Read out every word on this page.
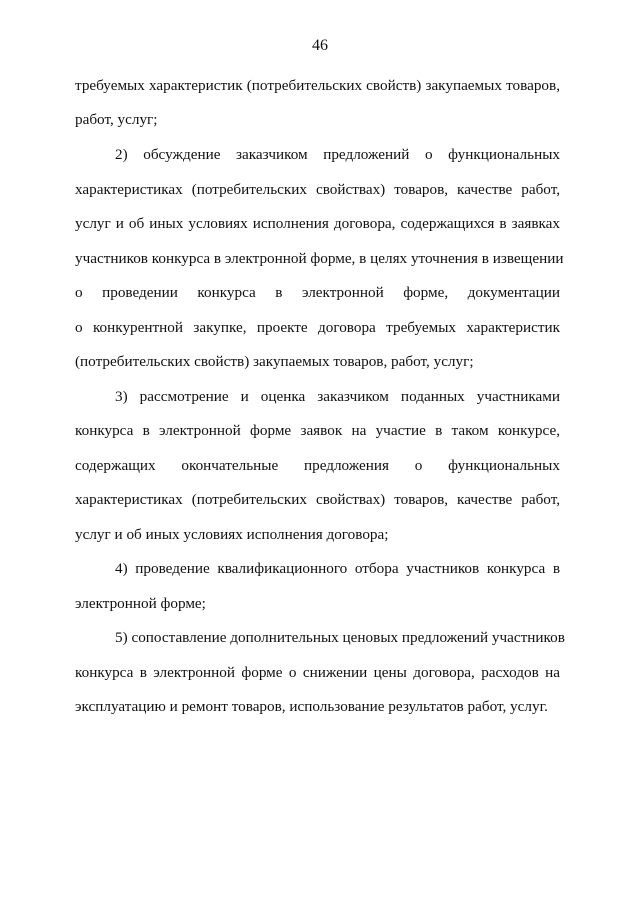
46
требуемых характеристик (потребительских свойств) закупаемых товаров,
работ, услуг;
2) обсуждение заказчиком предложений о функциональных
характеристиках (потребительских свойствах) товаров, качестве работ,
услуг и об иных условиях исполнения договора, содержащихся в заявках
участников конкурса в электронной форме, в целях уточнения в извещении
о проведении конкурса в электронной форме, документации
о конкурентной закупке, проекте договора требуемых характеристик
(потребительских свойств) закупаемых товаров, работ, услуг;
3) рассмотрение и оценка заказчиком поданных участниками
конкурса в электронной форме заявок на участие в таком конкурсе,
содержащих окончательные предложения о функциональных
характеристиках (потребительских свойствах) товаров, качестве работ,
услуг и об иных условиях исполнения договора;
4) проведение квалификационного отбора участников конкурса в
электронной форме;
5) сопоставление дополнительных ценовых предложений участников
конкурса в электронной форме о снижении цены договора, расходов на
эксплуатацию и ремонт товаров, использование результатов работ, услуг.
